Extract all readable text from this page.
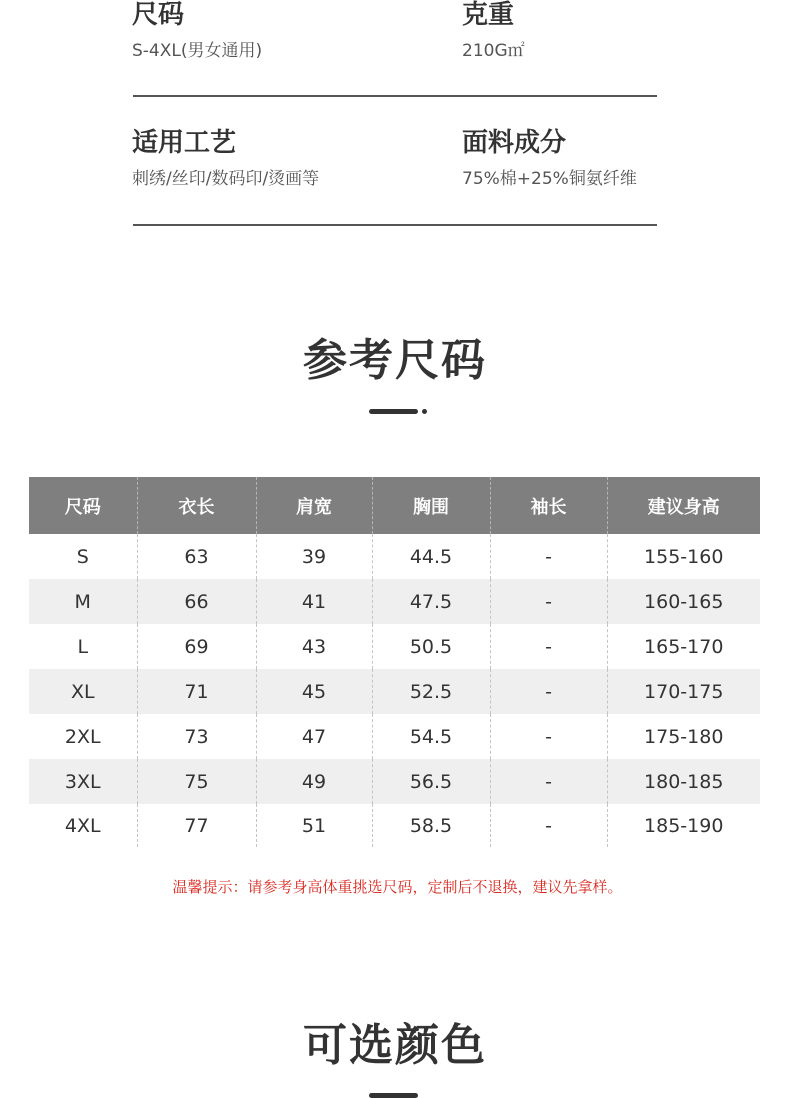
尺码
S-4XL(男女通用)
克重
210G㎡
适用工艺
刺绣/丝印/数码印/烫画等
面料成分
75%棉+25%铜氨纤维
参考尺码
尺码	衣长	肩宽	胸围	袖长	建议身高
S	63	39	44.5	-	155-160
M	66	41	47.5	-	160-165
L	69	43	50.5	-	165-170
XL	71	45	52.5	-	170-175
2XL	73	47	54.5	-	175-180
3XL	75	49	56.5	-	180-185
4XL	77	51	58.5	-	185-190
温馨提示：请参考身高体重挑选尺码，定制后不退换，建议先拿样。
可选颜色
